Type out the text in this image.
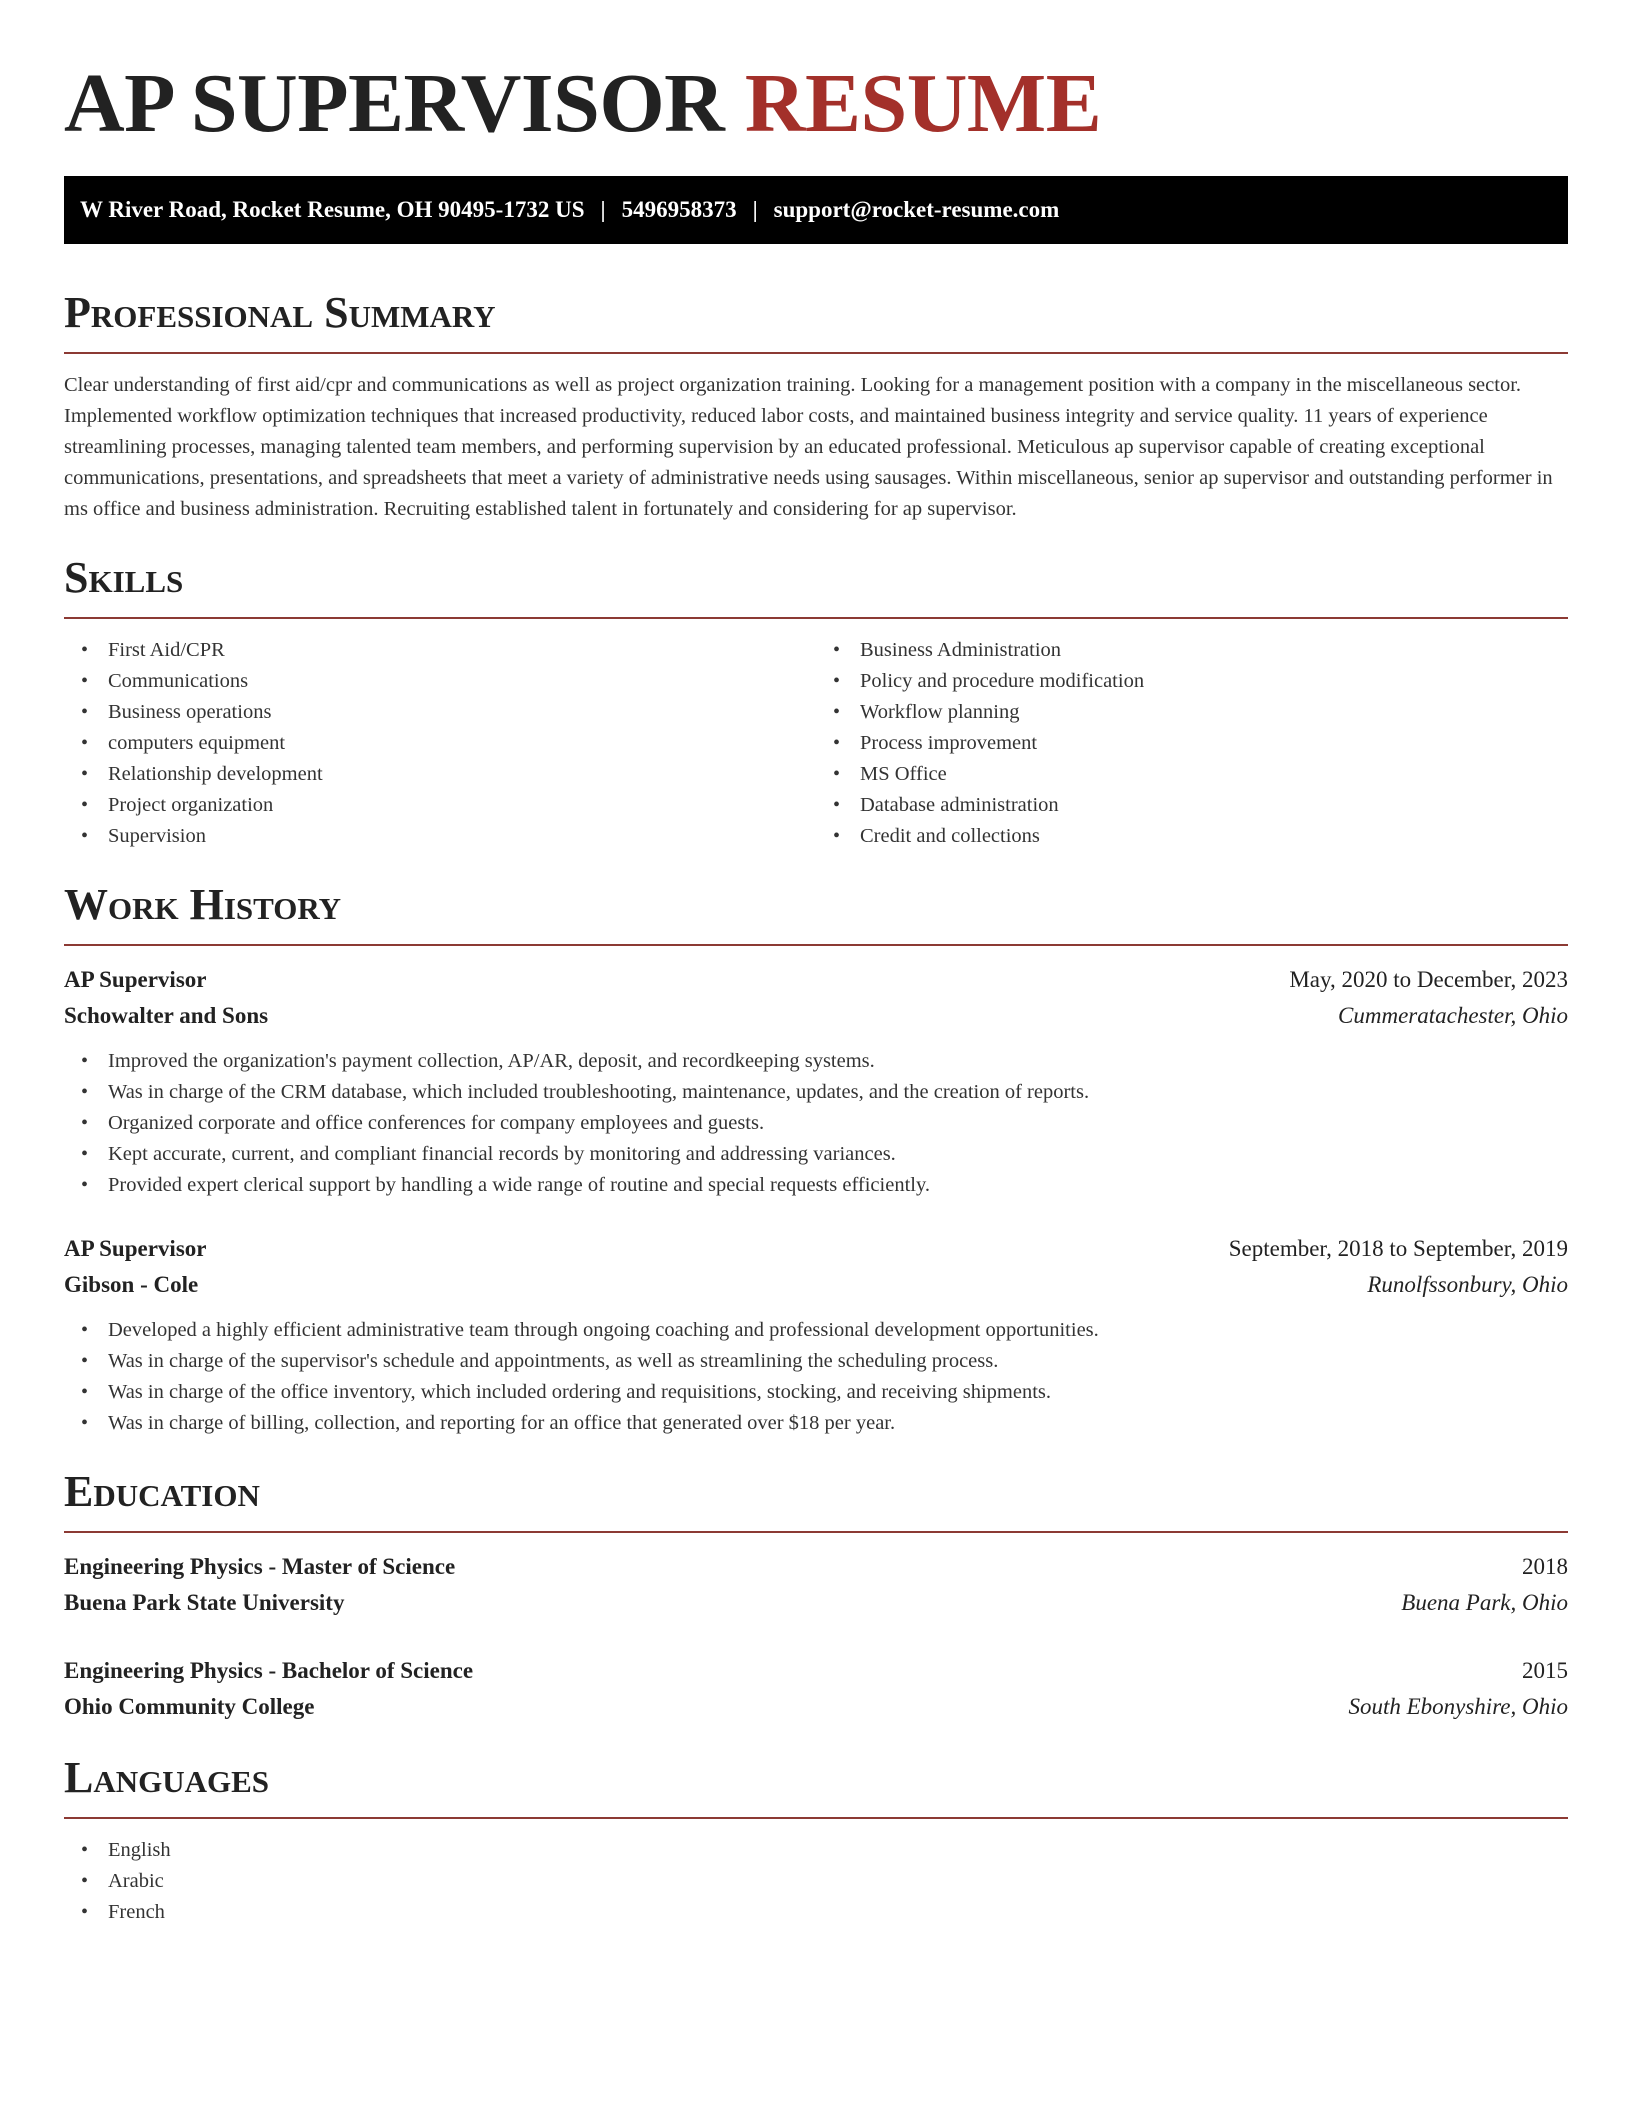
AP SUPERVISOR RESUME
W River Road, Rocket Resume, OH 90495-1732 US | 5496958373 | support@rocket-resume.com
Professional Summary

Clear understanding of first aid/cpr and communications as well as project organization training. Looking for a management position with a company in the miscellaneous sector. Implemented workflow optimization techniques that increased productivity, reduced labor costs, and maintained business integrity and service quality. 11 years of experience streamlining processes, managing talented team members, and performing supervision by an educated professional. Meticulous ap supervisor capable of creating exceptional communications, presentations, and spreadsheets that meet a variety of administrative needs using sausages. Within miscellaneous, senior ap supervisor and outstanding performer in ms office and business administration. Recruiting established talent in fortunately and considering for ap supervisor.

Skills
• First Aid/CPR
• Communications
• Business operations
• computers equipment
• Relationship development
• Project organization
• Supervision
• Business Administration
• Policy and procedure modification
• Workflow planning
• Process improvement
• MS Office
• Database administration
• Credit and collections
Work History
AP Supervisor	May, 2020 to December, 2023
Schowalter and Sons	Cummeratachester, Ohio
• Improved the organization's payment collection, AP/AR, deposit, and recordkeeping systems.
• Was in charge of the CRM database, which included troubleshooting, maintenance, updates, and the creation of reports.
• Organized corporate and office conferences for company employees and guests.
• Kept accurate, current, and compliant financial records by monitoring and addressing variances.
• Provided expert clerical support by handling a wide range of routine and special requests efficiently.
AP Supervisor	September, 2018 to September, 2019
Gibson - Cole	Runolfssonbury, Ohio
• Developed a highly efficient administrative team through ongoing coaching and professional development opportunities.
• Was in charge of the supervisor's schedule and appointments, as well as streamlining the scheduling process.
• Was in charge of the office inventory, which included ordering and requisitions, stocking, and receiving shipments.
• Was in charge of billing, collection, and reporting for an office that generated over $18 per year.
Education
Engineering Physics - Master of Science	2018
Buena Park State University	Buena Park, Ohio
Engineering Physics - Bachelor of Science	2015
Ohio Community College	South Ebonyshire, Ohio
Languages
• English
• Arabic
• French
